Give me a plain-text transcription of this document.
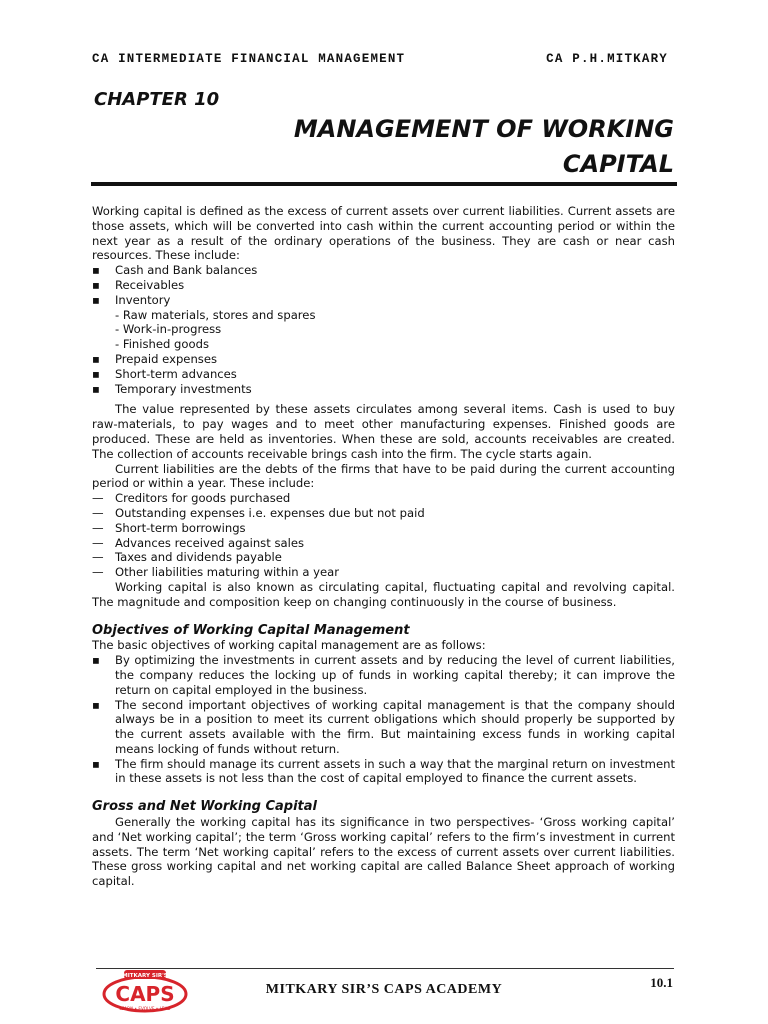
CA INTERMEDIATE FINANCIAL MANAGEMENT	CA P.H.MITKARY
CHAPTER 10
MANAGEMENT OF WORKING
CAPITAL

Working capital is defined as the excess of current assets over current liabilities. Current assets are those assets, which will be converted into cash within the current accounting period or within the next year as a result of the ordinary operations of the business. They are cash or near cash resources. These include:

▪ Cash and Bank balances
▪ Receivables
▪ Inventory
- Raw materials, stores and spares
- Work-in-progress
- Finished goods
▪ Prepaid expenses
▪ Short-term advances
▪ Temporary investments

The value represented by these assets circulates among several items. Cash is used to buy raw-materials, to pay wages and to meet other manufacturing expenses. Finished goods are produced. These are held as inventories. When these are sold, accounts receivables are created. The collection of accounts receivable brings cash into the firm. The cycle starts again.

Current liabilities are the debts of the firms that have to be paid during the current accounting period or within a year. These include:

— Creditors for goods purchased
— Outstanding expenses i.e. expenses due but not paid
— Short-term borrowings
— Advances received against sales
— Taxes and dividends payable
— Other liabilities maturing within a year

Working capital is also known as circulating capital, fluctuating capital and revolving capital. The magnitude and composition keep on changing continuously in the course of business.

Objectives of Working Capital Management

The basic objectives of working capital management are as follows:

▪ By optimizing the investments in current assets and by reducing the level of current liabilities, the company reduces the locking up of funds in working capital thereby; it can improve the return on capital employed in the business.
▪ The second important objectives of working capital management is that the company should always be in a position to meet its current obligations which should properly be supported by the current assets available with the firm. But maintaining excess funds in working capital means locking of funds without return.
▪ The firm should manage its current assets in such a way that the marginal return on investment in these assets is not less than the cost of capital employed to finance the current assets.

Gross and Net Working Capital

Generally the working capital has its significance in two perspectives- ‘Gross working capital’ and ‘Net working capital’; the term ‘Gross working capital’ refers to the firm’s investment in current assets. The term ‘Net working capital’ refers to the excess of current assets over current liabilities. These gross working capital and net working capital are called Balance Sheet approach of working capital.

MITKARY SIR'S
CAPS
LEARN • EVOLVE • LEAD
MITKARY SIR’S CAPS ACADEMY	10.1
